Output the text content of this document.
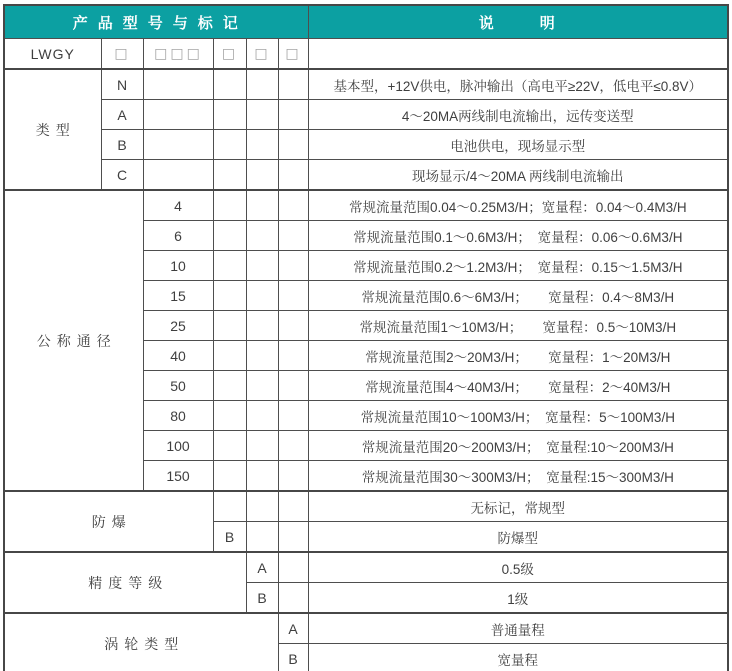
产品型号与标记						说明
LWGY	□	□□□	□	□	□	
类型	N					基本型，+12V供电，脉冲输出（高电平≥22V，低电平≤0.8V）
	A					4～20MA两线制电流输出，远传变送型
	B					电池供电，现场显示型
	C					现场显示/4～20MA 两线制电流输出
公称通径		4				常规流量范围0.04～0.25M3/H；宽量程：0.04～0.4M3/H
		6				常规流量范围0.1～0.6M3/H；　宽量程：0.06～0.6M3/H
		10				常规流量范围0.2～1.2M3/H；　宽量程：0.15～1.5M3/H
		15				常规流量范围0.6～6M3/H；　　宽量程：0.4～8M3/H
		25				常规流量范围1～10M3/H；　　宽量程：0.5～10M3/H
		40				常规流量范围2～20M3/H；　　宽量程：1～20M3/H
		50				常规流量范围4～40M3/H；　　宽量程：2～40M3/H
		80				常规流量范围10～100M3/H；　宽量程：5～100M3/H
		100				常规流量范围20～200M3/H；　宽量程:10～200M3/H
		150				常规流量范围30～300M3/H；　宽量程:15～300M3/H
防爆						无标记，常规型
			B			防爆型
精度等级				A		0.5级
				B		1级
涡轮类型					A	普通量程
					B	宽量程
